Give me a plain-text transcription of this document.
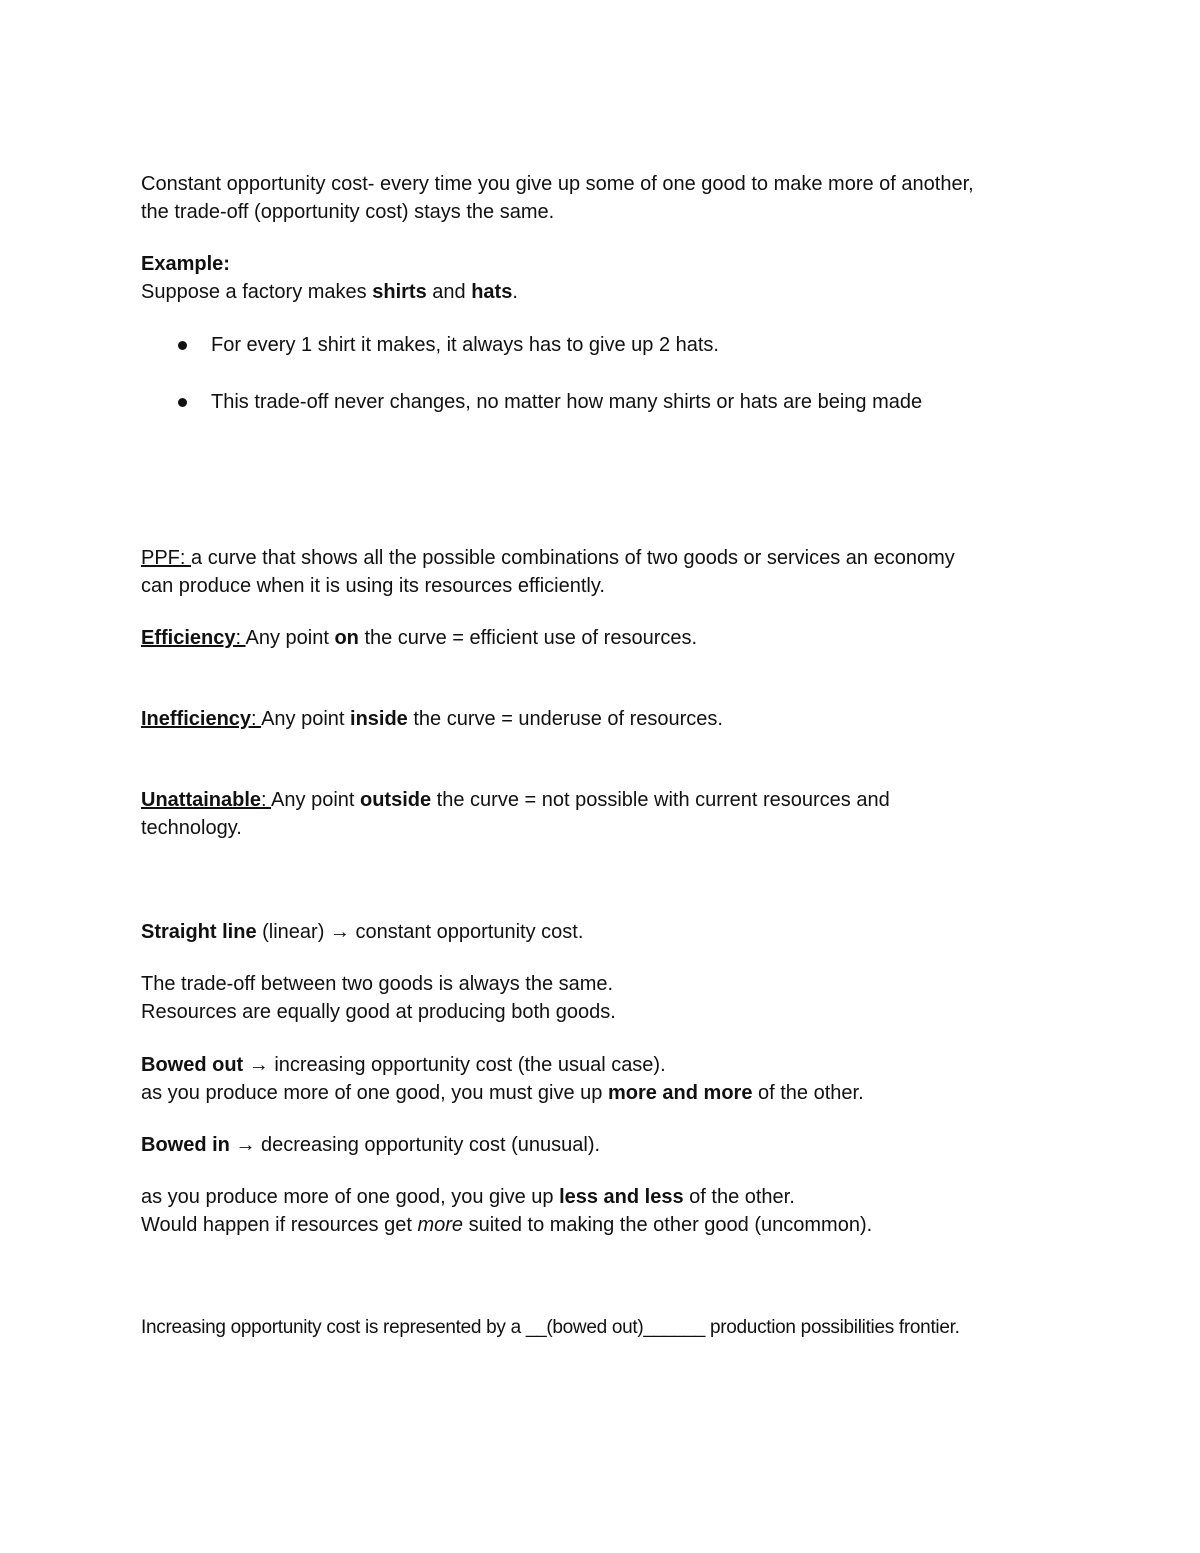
Constant opportunity cost- every time you give up some of one good to make more of another,
the trade-off (opportunity cost) stays the same.
Example:
Suppose a factory makes shirts and hats.
For every 1 shirt it makes, it always has to give up 2 hats.
This trade-off never changes, no matter how many shirts or hats are being made
PPF: a curve that shows all the possible combinations of two goods or services an economy
can produce when it is using its resources efficiently.
Efficiency: Any point on the curve = efficient use of resources.
Inefficiency: Any point inside the curve = underuse of resources.
Unattainable: Any point outside the curve = not possible with current resources and
technology.
Straight line (linear) → constant opportunity cost.
The trade-off between two goods is always the same.
Resources are equally good at producing both goods.
Bowed out → increasing opportunity cost (the usual case).
as you produce more of one good, you must give up more and more of the other.
Bowed in → decreasing opportunity cost (unusual).
as you produce more of one good, you give up less and less of the other.
Would happen if resources get more suited to making the other good (uncommon).
Increasing opportunity cost is represented by a __(bowed out)______ production possibilities frontier.
